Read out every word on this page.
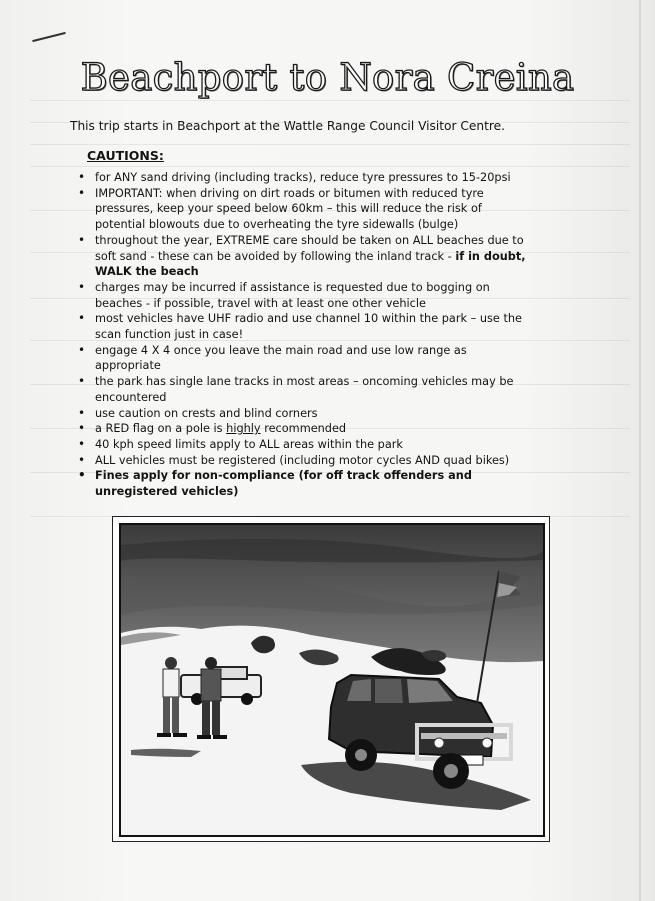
Beachport to Nora Creina
This trip starts in Beachport at the Wattle Range Council Visitor Centre.
CAUTIONS:
• for ANY sand driving (including tracks), reduce tyre pressures to 15-20psi
• IMPORTANT: when driving on dirt roads or bitumen with reduced tyre pressures, keep your speed below 60km – this will reduce the risk of potential blowouts due to overheating the tyre sidewalls (bulge)
• throughout the year, EXTREME care should be taken on ALL beaches due to soft sand - these can be avoided by following the inland track - if in doubt, WALK the beach
• charges may be incurred if assistance is requested due to bogging on beaches - if possible, travel with at least one other vehicle
• most vehicles have UHF radio and use channel 10 within the park – use the scan function just in case!
• engage 4 X 4 once you leave the main road and use low range as appropriate
• the park has single lane tracks in most areas – oncoming vehicles may be encountered
• use caution on crests and blind corners
• a RED flag on a pole is highly recommended
• 40 kph speed limits apply to ALL areas within the park
• ALL vehicles must be registered (including motor cycles AND quad bikes)
• Fines apply for non-compliance (for off track offenders and unregistered vehicles)
